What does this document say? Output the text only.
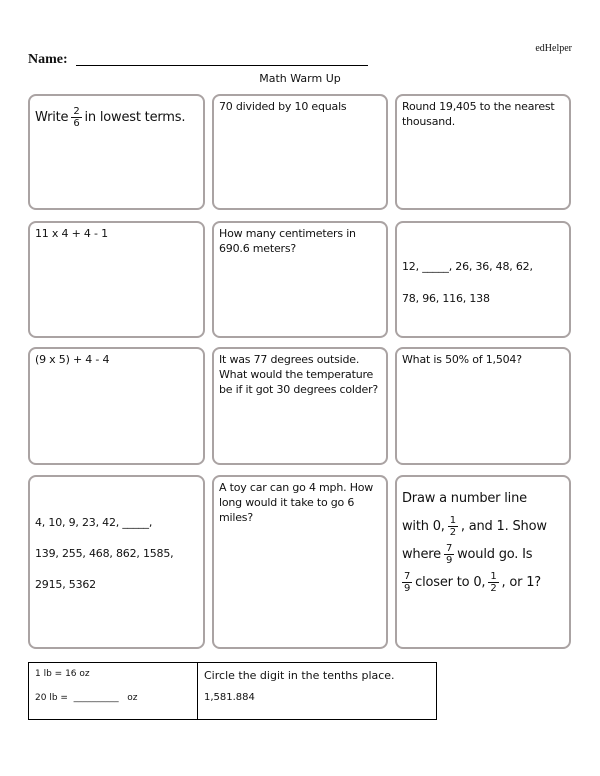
edHelper
Name:
Math Warm Up
Write $\frac{2}{6}$ in lowest terms.
70 divided by 10 equals	Round 19,405 to the nearest thousand.
11 x 4 + 4 - 1	How many centimeters in 690.6 meters?
12, _____, 26, 36, 48, 62,
78, 96, 116, 138
(9 x 5) + 4 - 4	It was 77 degrees outside. What would the temperature be if it got 30 degrees colder?
What is 50% of 1,504?
4, 10, 9, 23, 42, _____,
139, 255, 468, 862, 1585,
2915, 5362
A toy car can go 4 mph. How long would it take to go 6 miles?
Draw a number line
with 0, $\frac{1}{2}$ , and 1. Show
where $\frac{7}{9}$ would go. Is
$\frac{7}{9}$ closer to 0, $\frac{1}{2}$ , or 1?
1 lb = 16 oz
20 lb = __________ oz
Circle the digit in the tenths place.
1,581.884
